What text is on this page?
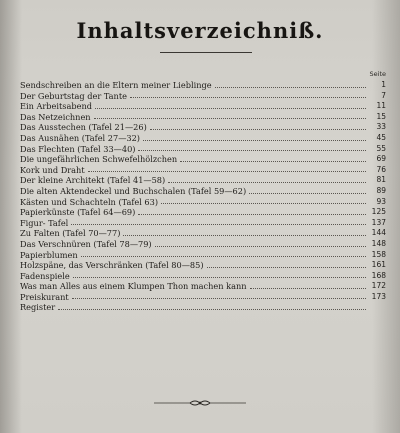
Inhaltsverzeichniß.
Seite
Sendschreiben an die Eltern meiner Lieblinge	1
Der Geburtstag der Tante	7
Ein Arbeitsabend	11
Das Netzeichnen	15
Das Ausstechen (Tafel 21—26)	33
Das Ausnähen (Tafel 27—32)	45
Das Flechten (Tafel 33—40)	55
Die ungefährlichen Schwefelhölzchen	69
Kork und Draht	76
Der kleine Architekt (Tafel 41—58)	81
Die alten Aktendeckel und Buchschalen (Tafel 59—62)	89
Kästen und Schachteln (Tafel 63)	93
Papierkünste (Tafel 64—69)	125
Figur- Tafel	137
Zu Falten (Tafel 70—77)	144
Das Verschnüren (Tafel 78—79)	148
Papierblumen	158
Holzspäne, das Verschränken (Tafel 80—85)	161
Fadenspiele	168
Was man Alles aus einem Klumpen Thon machen kann	172
Preiskurant	173
Register
